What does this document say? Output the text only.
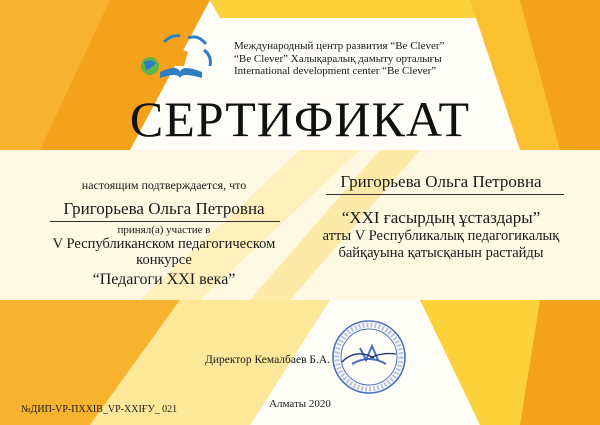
Международный центр развития “Be Clever”
“Be Clever” Халықаралық дамыту орталығы
International development center “Be Clever”
СЕРТИФИКАТ
настоящим подтверждается, что
Григорьева Ольга Петровна
принял(а) участие в
V Республиканском педагогическом конкурсе
“Педагоги XXI века”
Григорьева Ольга Петровна
“XXI ғасырдың ұстаздары”
атты V Республикалық педагогикалық байқауына қатысқанын растайды
Директор Кемалбаев Б.А.
Алматы 2020
№ДИП-VP-ПXXIВ_VP-XXIҒУ_ 021
